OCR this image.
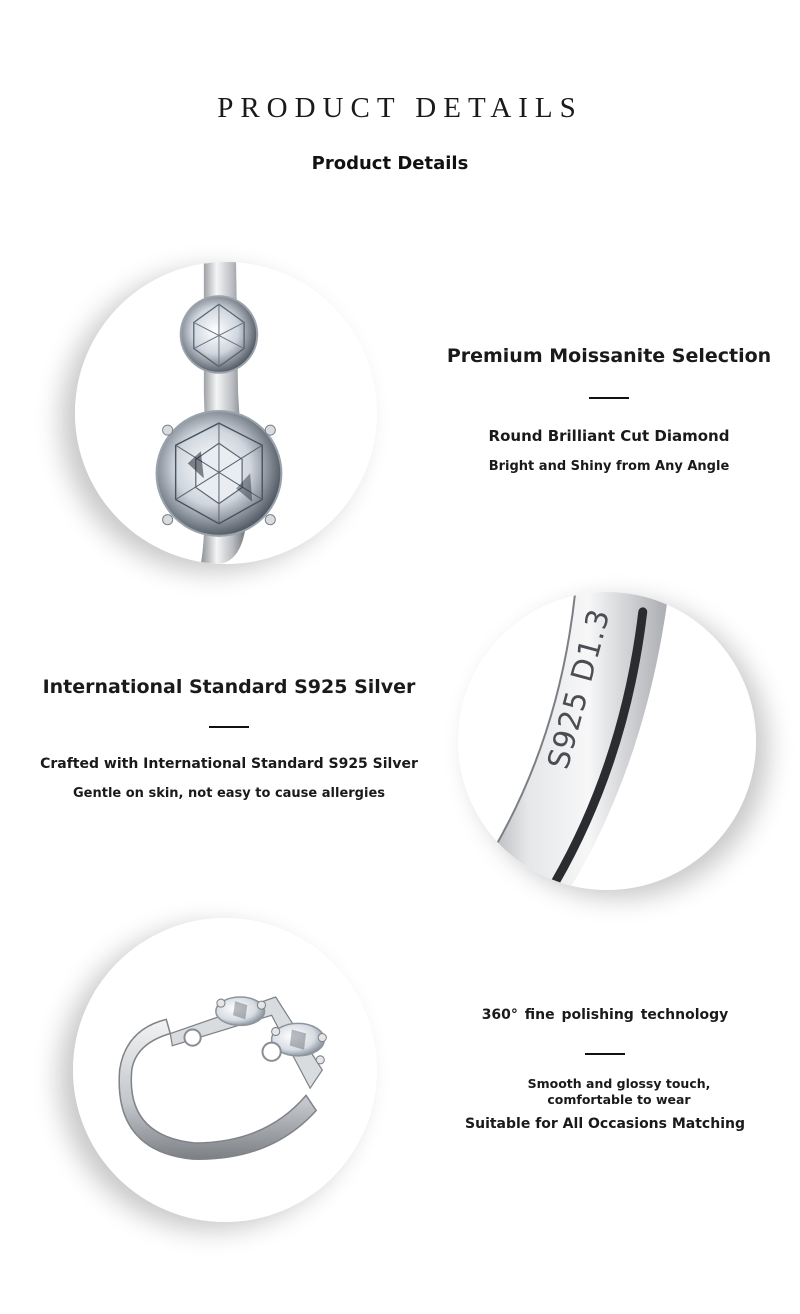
PRODUCT DETAILS
Product Details
Premium Moissanite Selection
Round Brilliant Cut Diamond
Bright and Shiny from Any Angle
International Standard S925 Silver
Crafted with International Standard S925 Silver
Gentle on skin, not easy to cause allergies
S925 D1.3
360° fine polishing technology
Smooth and glossy touch, comfortable to wear
Suitable for All Occasions Matching
